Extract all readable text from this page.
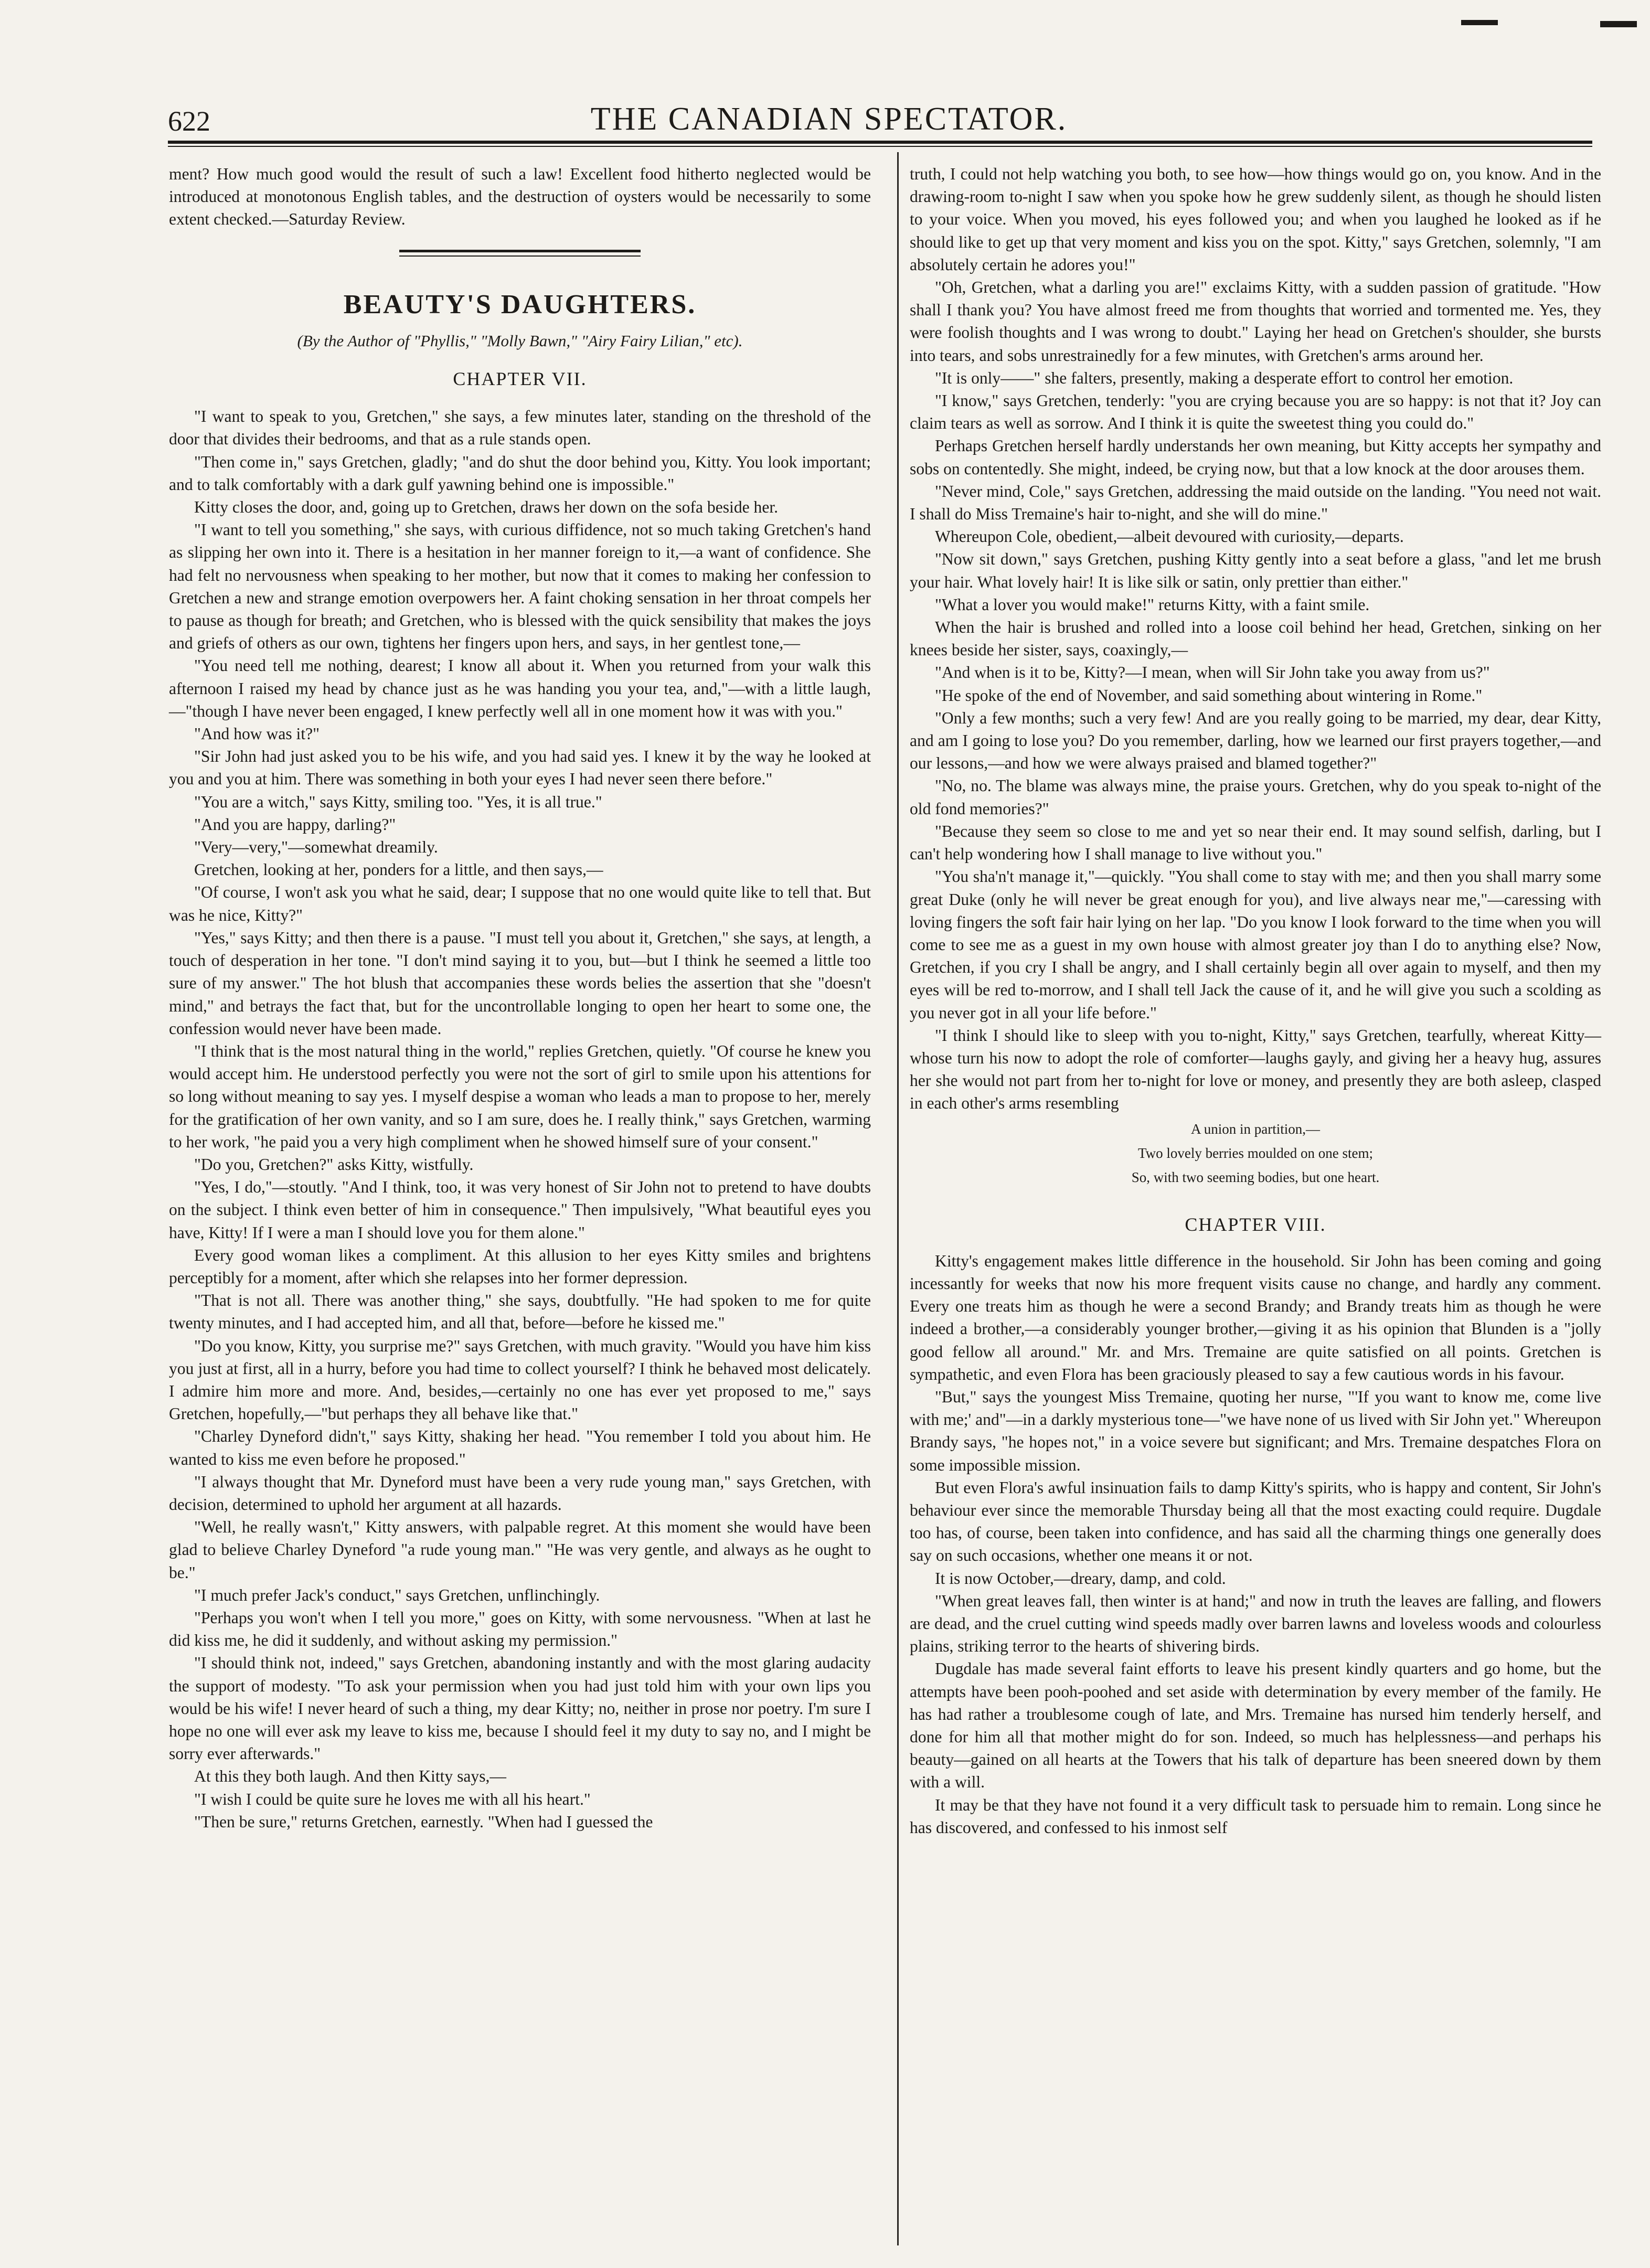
622	THE CANADIAN SPECTATOR.

ment? How much good would the result of such a law! Excellent food hitherto neglected would be introduced at monotonous English tables, and the destruction of oysters would be necessarily to some extent checked.—Saturday Review.

BEAUTY'S DAUGHTERS.

(By the Author of "Phyllis," "Molly Bawn," "Airy Fairy Lilian," etc).

CHAPTER VII.

"I want to speak to you, Gretchen," she says, a few minutes later, standing on the threshold of the door that divides their bedrooms, and that as a rule stands open.

"Then come in," says Gretchen, gladly; "and do shut the door behind you, Kitty. You look important; and to talk comfortably with a dark gulf yawning behind one is impossible."

Kitty closes the door, and, going up to Gretchen, draws her down on the sofa beside her.

"I want to tell you something," she says, with curious diffidence, not so much taking Gretchen's hand as slipping her own into it. There is a hesitation in her manner foreign to it,—a want of confidence. She had felt no nervousness when speaking to her mother, but now that it comes to making her confession to Gretchen a new and strange emotion overpowers her. A faint choking sensation in her throat compels her to pause as though for breath; and Gretchen, who is blessed with the quick sensibility that makes the joys and griefs of others as our own, tightens her fingers upon hers, and says, in her gentlest tone,—

"You need tell me nothing, dearest; I know all about it. When you returned from your walk this afternoon I raised my head by chance just as he was handing you your tea, and,"—with a little laugh,—"though I have never been engaged, I knew perfectly well all in one moment how it was with you."

"And how was it?"

"Sir John had just asked you to be his wife, and you had said yes. I knew it by the way he looked at you and you at him. There was something in both your eyes I had never seen there before."

"You are a witch," says Kitty, smiling too. "Yes, it is all true."

"And you are happy, darling?"

"Very—very,"—somewhat dreamily.

Gretchen, looking at her, ponders for a little, and then says,—

"Of course, I won't ask you what he said, dear; I suppose that no one would quite like to tell that. But was he nice, Kitty?"

"Yes," says Kitty; and then there is a pause. "I must tell you about it, Gretchen," she says, at length, a touch of desperation in her tone. "I don't mind saying it to you, but—but I think he seemed a little too sure of my answer." The hot blush that accompanies these words belies the assertion that she "doesn't mind," and betrays the fact that, but for the uncontrollable longing to open her heart to some one, the confession would never have been made.

"I think that is the most natural thing in the world," replies Gretchen, quietly. "Of course he knew you would accept him. He understood perfectly you were not the sort of girl to smile upon his attentions for so long without meaning to say yes. I myself despise a woman who leads a man to propose to her, merely for the gratification of her own vanity, and so I am sure, does he. I really think," says Gretchen, warming to her work, "he paid you a very high compliment when he showed himself sure of your consent."

"Do you, Gretchen?" asks Kitty, wistfully.

"Yes, I do,"—stoutly. "And I think, too, it was very honest of Sir John not to pretend to have doubts on the subject. I think even better of him in consequence." Then impulsively, "What beautiful eyes you have, Kitty! If I were a man I should love you for them alone."

Every good woman likes a compliment. At this allusion to her eyes Kitty smiles and brightens perceptibly for a moment, after which she relapses into her former depression.

"That is not all. There was another thing," she says, doubtfully. "He had spoken to me for quite twenty minutes, and I had accepted him, and all that, before—before he kissed me."

"Do you know, Kitty, you surprise me?" says Gretchen, with much gravity. "Would you have him kiss you just at first, all in a hurry, before you had time to collect yourself? I think he behaved most delicately. I admire him more and more. And, besides,—certainly no one has ever yet proposed to me," says Gretchen, hopefully,—"but perhaps they all behave like that."

"Charley Dyneford didn't," says Kitty, shaking her head. "You remember I told you about him. He wanted to kiss me even before he proposed."

"I always thought that Mr. Dyneford must have been a very rude young man," says Gretchen, with decision, determined to uphold her argument at all hazards.

"Well, he really wasn't," Kitty answers, with palpable regret. At this moment she would have been glad to believe Charley Dyneford "a rude young man." "He was very gentle, and always as he ought to be."

"I much prefer Jack's conduct," says Gretchen, unflinchingly.

"Perhaps you won't when I tell you more," goes on Kitty, with some nervousness. "When at last he did kiss me, he did it suddenly, and without asking my permission."

"I should think not, indeed," says Gretchen, abandoning instantly and with the most glaring audacity the support of modesty. "To ask your permission when you had just told him with your own lips you would be his wife! I never heard of such a thing, my dear Kitty; no, neither in prose nor poetry. I'm sure I hope no one will ever ask my leave to kiss me, because I should feel it my duty to say no, and I might be sorry ever afterwards."

At this they both laugh. And then Kitty says,—

"I wish I could be quite sure he loves me with all his heart."

"Then be sure," returns Gretchen, earnestly. "When had I guessed the

truth, I could not help watching you both, to see how—how things would go on, you know. And in the drawing-room to-night I saw when you spoke how he grew suddenly silent, as though he should listen to your voice. When you moved, his eyes followed you; and when you laughed he looked as if he should like to get up that very moment and kiss you on the spot. Kitty," says Gretchen, solemnly, "I am absolutely certain he adores you!"

"Oh, Gretchen, what a darling you are!" exclaims Kitty, with a sudden passion of gratitude. "How shall I thank you? You have almost freed me from thoughts that worried and tormented me. Yes, they were foolish thoughts and I was wrong to doubt." Laying her head on Gretchen's shoulder, she bursts into tears, and sobs unrestrainedly for a few minutes, with Gretchen's arms around her.

"It is only——" she falters, presently, making a desperate effort to control her emotion.

"I know," says Gretchen, tenderly: "you are crying because you are so happy: is not that it? Joy can claim tears as well as sorrow. And I think it is quite the sweetest thing you could do."

Perhaps Gretchen herself hardly understands her own meaning, but Kitty accepts her sympathy and sobs on contentedly. She might, indeed, be crying now, but that a low knock at the door arouses them.

"Never mind, Cole," says Gretchen, addressing the maid outside on the landing. "You need not wait. I shall do Miss Tremaine's hair to-night, and she will do mine."

Whereupon Cole, obedient,—albeit devoured with curiosity,—departs.

"Now sit down," says Gretchen, pushing Kitty gently into a seat before a glass, "and let me brush your hair. What lovely hair! It is like silk or satin, only prettier than either."

"What a lover you would make!" returns Kitty, with a faint smile.

When the hair is brushed and rolled into a loose coil behind her head, Gretchen, sinking on her knees beside her sister, says, coaxingly,—

"And when is it to be, Kitty?—I mean, when will Sir John take you away from us?"

"He spoke of the end of November, and said something about wintering in Rome."

"Only a few months; such a very few! And are you really going to be married, my dear, dear Kitty, and am I going to lose you? Do you remember, darling, how we learned our first prayers together,—and our lessons,—and how we were always praised and blamed together?"

"No, no. The blame was always mine, the praise yours. Gretchen, why do you speak to-night of the old fond memories?"

"Because they seem so close to me and yet so near their end. It may sound selfish, darling, but I can't help wondering how I shall manage to live without you."

"You sha'n't manage it,"—quickly. "You shall come to stay with me; and then you shall marry some great Duke (only he will never be great enough for you), and live always near me,"—caressing with loving fingers the soft fair hair lying on her lap. "Do you know I look forward to the time when you will come to see me as a guest in my own house with almost greater joy than I do to anything else? Now, Gretchen, if you cry I shall be angry, and I shall certainly begin all over again to myself, and then my eyes will be red to-morrow, and I shall tell Jack the cause of it, and he will give you such a scolding as you never got in all your life before."

"I think I should like to sleep with you to-night, Kitty," says Gretchen, tearfully, whereat Kitty—whose turn his now to adopt the role of comforter—laughs gayly, and giving her a heavy hug, assures her she would not part from her to-night for love or money, and presently they are both asleep, clasped in each other's arms resembling

A union in partition,—

Two lovely berries moulded on one stem;

So, with two seeming bodies, but one heart.

CHAPTER VIII.

Kitty's engagement makes little difference in the household. Sir John has been coming and going incessantly for weeks that now his more frequent visits cause no change, and hardly any comment. Every one treats him as though he were a second Brandy; and Brandy treats him as though he were indeed a brother,—a considerably younger brother,—giving it as his opinion that Blunden is a "jolly good fellow all around." Mr. and Mrs. Tremaine are quite satisfied on all points. Gretchen is sympathetic, and even Flora has been graciously pleased to say a few cautious words in his favour.

"But," says the youngest Miss Tremaine, quoting her nurse, "'If you want to know me, come live with me;' and"—in a darkly mysterious tone—"we have none of us lived with Sir John yet." Whereupon Brandy says, "he hopes not," in a voice severe but significant; and Mrs. Tremaine despatches Flora on some impossible mission.

But even Flora's awful insinuation fails to damp Kitty's spirits, who is happy and content, Sir John's behaviour ever since the memorable Thursday being all that the most exacting could require. Dugdale too has, of course, been taken into confidence, and has said all the charming things one generally does say on such occasions, whether one means it or not.

It is now October,—dreary, damp, and cold.

"When great leaves fall, then winter is at hand;" and now in truth the leaves are falling, and flowers are dead, and the cruel cutting wind speeds madly over barren lawns and loveless woods and colourless plains, striking terror to the hearts of shivering birds.

Dugdale has made several faint efforts to leave his present kindly quarters and go home, but the attempts have been pooh-poohed and set aside with determination by every member of the family. He has had rather a troublesome cough of late, and Mrs. Tremaine has nursed him tenderly herself, and done for him all that mother might do for son. Indeed, so much has helplessness—and perhaps his beauty—gained on all hearts at the Towers that his talk of departure has been sneered down by them with a will.

It may be that they have not found it a very difficult task to persuade him to remain. Long since he has discovered, and confessed to his inmost self
